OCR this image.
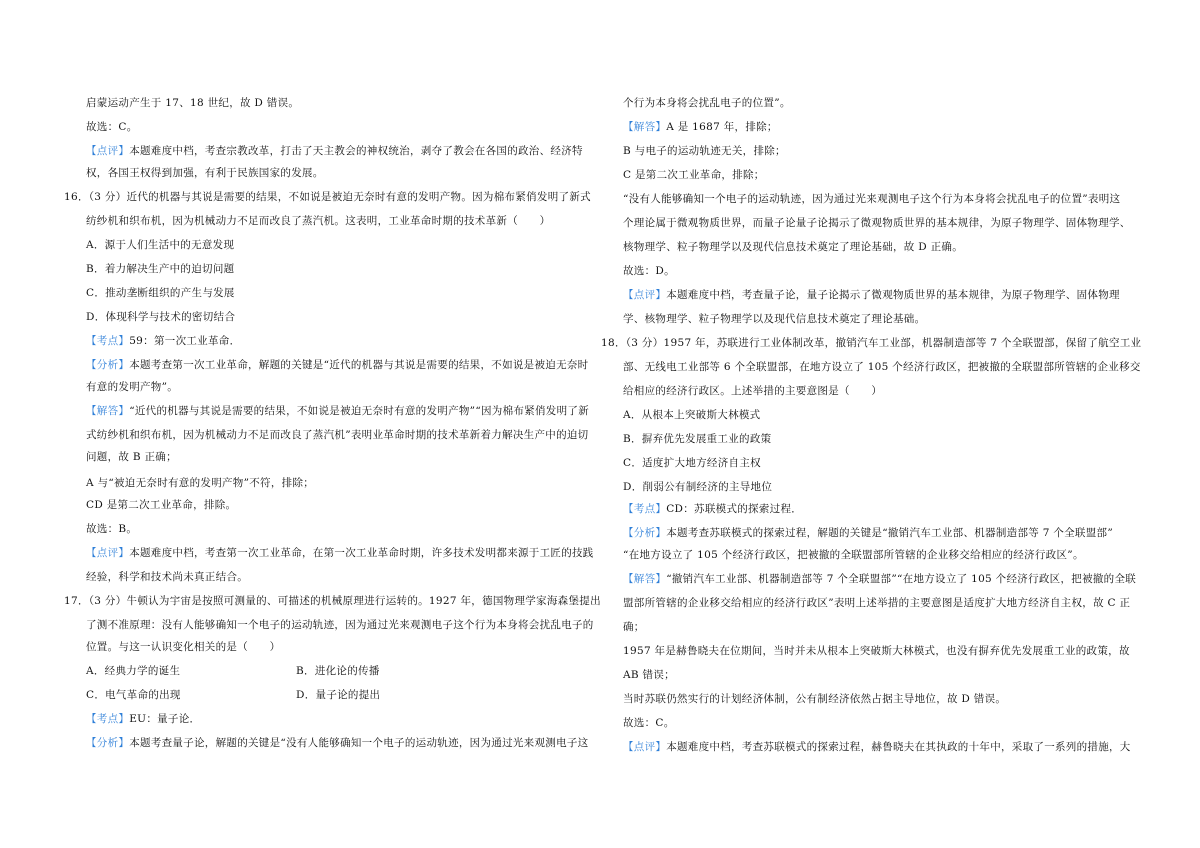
启蒙运动产生于 17、18 世纪，故 D 错误。
故选：C。
【点评】本题难度中档，考查宗教改革，打击了天主教会的神权统治，剥夺了教会在各国的政治、经济特
权，各国王权得到加强，有利于民族国家的发展。
16．（3 分）近代的机器与其说是需要的结果，不如说是被迫无奈时有意的发明产物。因为棉布紧俏发明了新式
纺纱机和织布机，因为机械动力不足而改良了蒸汽机。这表明，工业革命时期的技术革新（　　）
A．源于人们生活中的无意发现
B．着力解决生产中的迫切问题
C．推动垄断组织的产生与发展
D．体现科学与技术的密切结合
【考点】59：第一次工业革命．
【分析】本题考查第一次工业革命，解题的关键是“近代的机器与其说是需要的结果，不如说是被迫无奈时
有意的发明产物”。
【解答】“近代的机器与其说是需要的结果，不如说是被迫无奈时有意的发明产物”“因为棉布紧俏发明了新
式纺纱机和织布机，因为机械动力不足而改良了蒸汽机”表明业革命时期的技术革新着力解决生产中的迫切
问题，故 B 正确；
A 与“被迫无奈时有意的发明产物”不符，排除；
CD 是第二次工业革命，排除。
故选：B。
【点评】本题难度中档，考查第一次工业革命，在第一次工业革命时期，许多技术发明都来源于工匠的技践
经验，科学和技术尚未真正结合。
17．（3 分）牛顿认为宇宙是按照可测量的、可描述的机械原理进行运转的。1927 年，德国物理学家海森堡提出
了测不准原理：没有人能够确知一个电子的运动轨迹，因为通过光来观测电子这个行为本身将会扰乱电子的
位置。与这一认识变化相关的是（　　）
A．经典力学的诞生	B．进化论的传播
C．电气革命的出现	D．量子论的提出
【考点】EU：量子论．
【分析】本题考查量子论，解题的关键是“没有人能够确知一个电子的运动轨迹，因为通过光来观测电子这
个行为本身将会扰乱电子的位置”。
【解答】A 是 1687 年，排除；
B 与电子的运动轨迹无关，排除；
C 是第二次工业革命，排除；
“没有人能够确知一个电子的运动轨迹，因为通过光来观测电子这个行为本身将会扰乱电子的位置”表明这
个理论属于微观物质世界，而量子论量子论揭示了微观物质世界的基本规律，为原子物理学、固体物理学、
核物理学、粒子物理学以及现代信息技术奠定了理论基础，故 D 正确。
故选：D。
【点评】本题难度中档，考查量子论，量子论揭示了微观物质世界的基本规律，为原子物理学、固体物理
学、核物理学、粒子物理学以及现代信息技术奠定了理论基础。
18．（3 分）1957 年，苏联进行工业体制改革，撤销汽车工业部，机器制造部等 7 个全联盟部，保留了航空工业
部、无线电工业部等 6 个全联盟部，在地方设立了 105 个经济行政区，把被撤的全联盟部所管辖的企业移交
给相应的经济行政区。上述举措的主要意图是（　　）
A．从根本上突破斯大林模式
B．摒弃优先发展重工业的政策
C．适度扩大地方经济自主权
D．削弱公有制经济的主导地位
【考点】CD：苏联模式的探索过程．
【分析】本题考查苏联模式的探索过程，解题的关键是“撤销汽车工业部、机器制造部等 7 个全联盟部”
“在地方设立了 105 个经济行政区，把被撤的全联盟部所管辖的企业移交给相应的经济行政区”。
【解答】“撤销汽车工业部、机器制造部等 7 个全联盟部”“在地方设立了 105 个经济行政区，把被撤的全联
盟部所管辖的企业移交给相应的经济行政区”表明上述举措的主要意图是适度扩大地方经济自主权，故 C 正
确；
1957 年是赫鲁晓夫在位期间，当时并未从根本上突破斯大林模式，也没有摒弃优先发展重工业的政策，故
AB 错误；
当时苏联仍然实行的计划经济体制，公有制经济依然占据主导地位，故 D 错误。
故选：C。
【点评】本题难度中档，考查苏联模式的探索过程，赫鲁晓夫在其执政的十年中，采取了一系列的措施，大
